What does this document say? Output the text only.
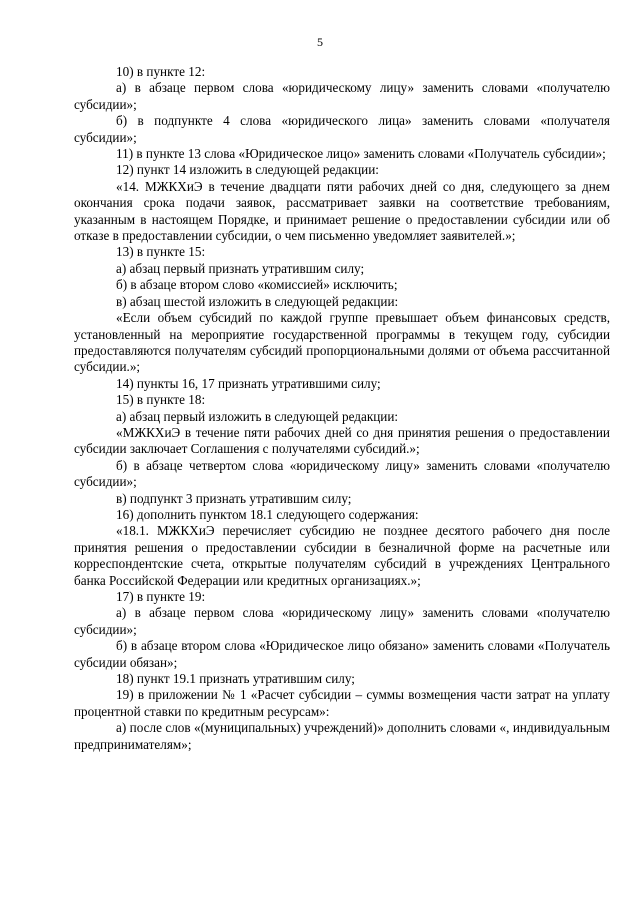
5

10) в пункте 12:

а) в абзаце первом слова «юридическому лицу» заменить словами «получателю субсидии»;

б) в подпункте 4 слова «юридического лица» заменить словами «получателя субсидии»;

11) в пункте 13 слова «Юридическое лицо» заменить словами «Получатель субсидии»;

12) пункт 14 изложить в следующей редакции:

«14. МЖКХиЭ в течение двадцати пяти рабочих дней со дня, следующего за днем окончания срока подачи заявок, рассматривает заявки на соответствие требованиям, указанным в настоящем Порядке, и принимает решение о предоставлении субсидии или об отказе в предоставлении субсидии, о чем письменно уведомляет заявителей.»;

13) в пункте 15:

а) абзац первый признать утратившим силу;

б) в абзаце втором слово «комиссией» исключить;

в) абзац шестой изложить в следующей редакции:

«Если объем субсидий по каждой группе превышает объем финансовых средств, установленный на мероприятие государственной программы в текущем году, субсидии предоставляются получателям субсидий пропорциональными долями от объема рассчитанной субсидии.»;

14) пункты 16, 17 признать утратившими силу;

15) в пункте 18:

а) абзац первый изложить в следующей редакции:

«МЖКХиЭ в течение пяти рабочих дней со дня принятия решения о предоставлении субсидии заключает Соглашения с получателями субсидий.»;

б) в абзаце четвертом слова «юридическому лицу» заменить словами «получателю субсидии»;

в) подпункт 3 признать утратившим силу;

16) дополнить пунктом 18.1 следующего содержания:

«18.1. МЖКХиЭ перечисляет субсидию не позднее десятого рабочего дня после принятия решения о предоставлении субсидии в безналичной форме на расчетные или корреспондентские счета, открытые получателям субсидий в учреждениях Центрального банка Российской Федерации или кредитных организациях.»;

17) в пункте 19:

а) в абзаце первом слова «юридическому лицу» заменить словами «получателю субсидии»;

б) в абзаце втором слова «Юридическое лицо обязано» заменить словами «Получатель субсидии обязан»;

18) пункт 19.1 признать утратившим силу;

19) в приложении № 1 «Расчет субсидии – суммы возмещения части затрат на уплату процентной ставки по кредитным ресурсам»:

а) после слов «(муниципальных) учреждений)» дополнить словами «, индивидуальным предпринимателям»;
